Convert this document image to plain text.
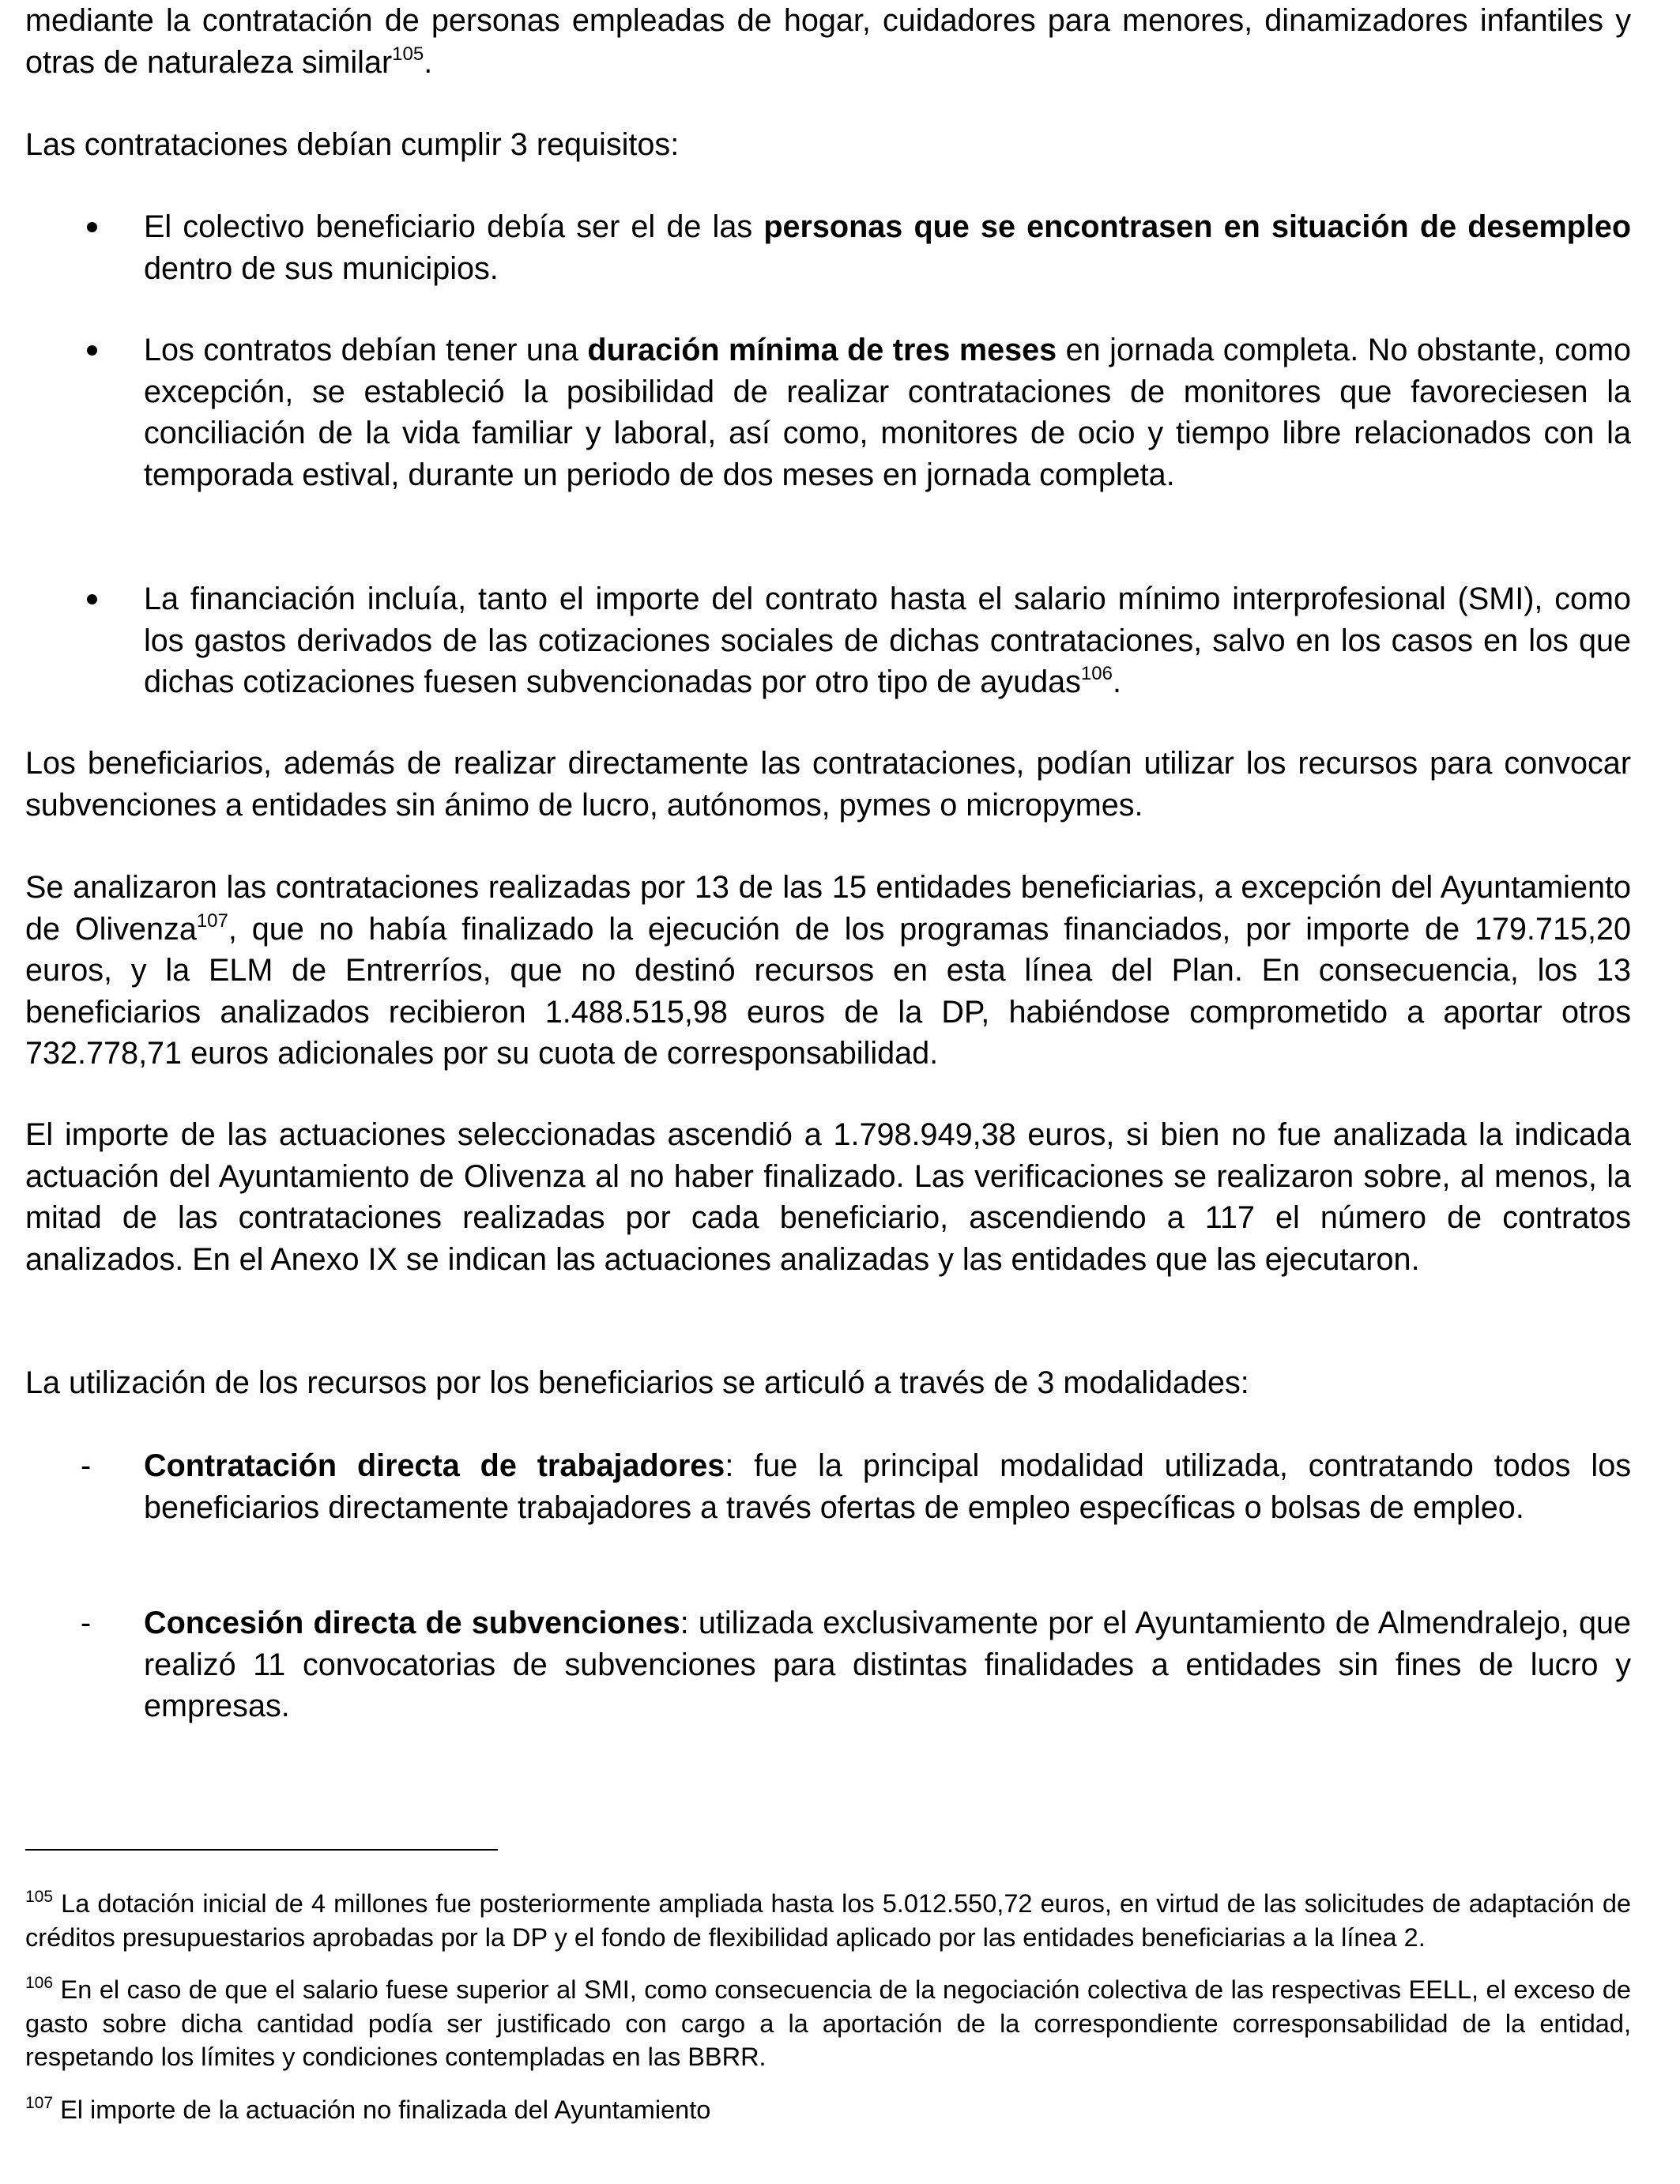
mediante la contratación de personas empleadas de hogar, cuidadores para menores, dinamizadores infantiles y otras de naturaleza similar$^{105}$.

Las contrataciones debían cumplir 3 requisitos:

El colectivo beneficiario debía ser el de las personas que se encontrasen en situación de desempleo dentro de sus municipios.
Los contratos debían tener una duración mínima de tres meses en jornada completa. No obstante, como excepción, se estableció la posibilidad de realizar contrataciones de monitores que favoreciesen la conciliación de la vida familiar y laboral, así como, monitores de ocio y tiempo libre relacionados con la temporada estival, durante un periodo de dos meses en jornada completa.
La financiación incluía, tanto el importe del contrato hasta el salario mínimo interprofesional (SMI), como los gastos derivados de las cotizaciones sociales de dichas contrataciones, salvo en los casos en los que dichas cotizaciones fuesen subvencionadas por otro tipo de ayudas$^{106}$.

Los beneficiarios, además de realizar directamente las contrataciones, podían utilizar los recursos para convocar subvenciones a entidades sin ánimo de lucro, autónomos, pymes o micropymes.

Se analizaron las contrataciones realizadas por 13 de las 15 entidades beneficiarias, a excepción del Ayuntamiento de Olivenza$^{107}$, que no había finalizado la ejecución de los programas financiados, por importe de 179.715,20 euros, y la ELM de Entrerríos, que no destinó recursos en esta línea del Plan. En consecuencia, los 13 beneficiarios analizados recibieron 1.488.515,98 euros de la DP, habiéndose comprometido a aportar otros 732.778,71 euros adicionales por su cuota de corresponsabilidad.

El importe de las actuaciones seleccionadas ascendió a 1.798.949,38 euros, si bien no fue analizada la indicada actuación del Ayuntamiento de Olivenza al no haber finalizado. Las verificaciones se realizaron sobre, al menos, la mitad de las contrataciones realizadas por cada beneficiario, ascendiendo a 117 el número de contratos analizados. En el Anexo IX se indican las actuaciones analizadas y las entidades que las ejecutaron.

La utilización de los recursos por los beneficiarios se articuló a través de 3 modalidades:

-	Contratación directa de trabajadores: fue la principal modalidad utilizada, contratando todos los beneficiarios directamente trabajadores a través ofertas de empleo específicas o bolsas de empleo.
-	Concesión directa de subvenciones: utilizada exclusivamente por el Ayuntamiento de Almendralejo, que realizó 11 convocatorias de subvenciones para distintas finalidades a entidades sin fines de lucro y empresas.

$^{105}$ La dotación inicial de 4 millones fue posteriormente ampliada hasta los 5.012.550,72 euros, en virtud de las solicitudes de adaptación de créditos presupuestarios aprobadas por la DP y el fondo de flexibilidad aplicado por las entidades beneficiarias a la línea 2.

$^{106}$ En el caso de que el salario fuese superior al SMI, como consecuencia de la negociación colectiva de las respectivas EELL, el exceso de gasto sobre dicha cantidad podía ser justificado con cargo a la aportación de la correspondiente corresponsabilidad de la entidad, respetando los límites y condiciones contempladas en las BBRR.

$^{107}$ El importe de la actuación no finalizada del Ayuntamiento
